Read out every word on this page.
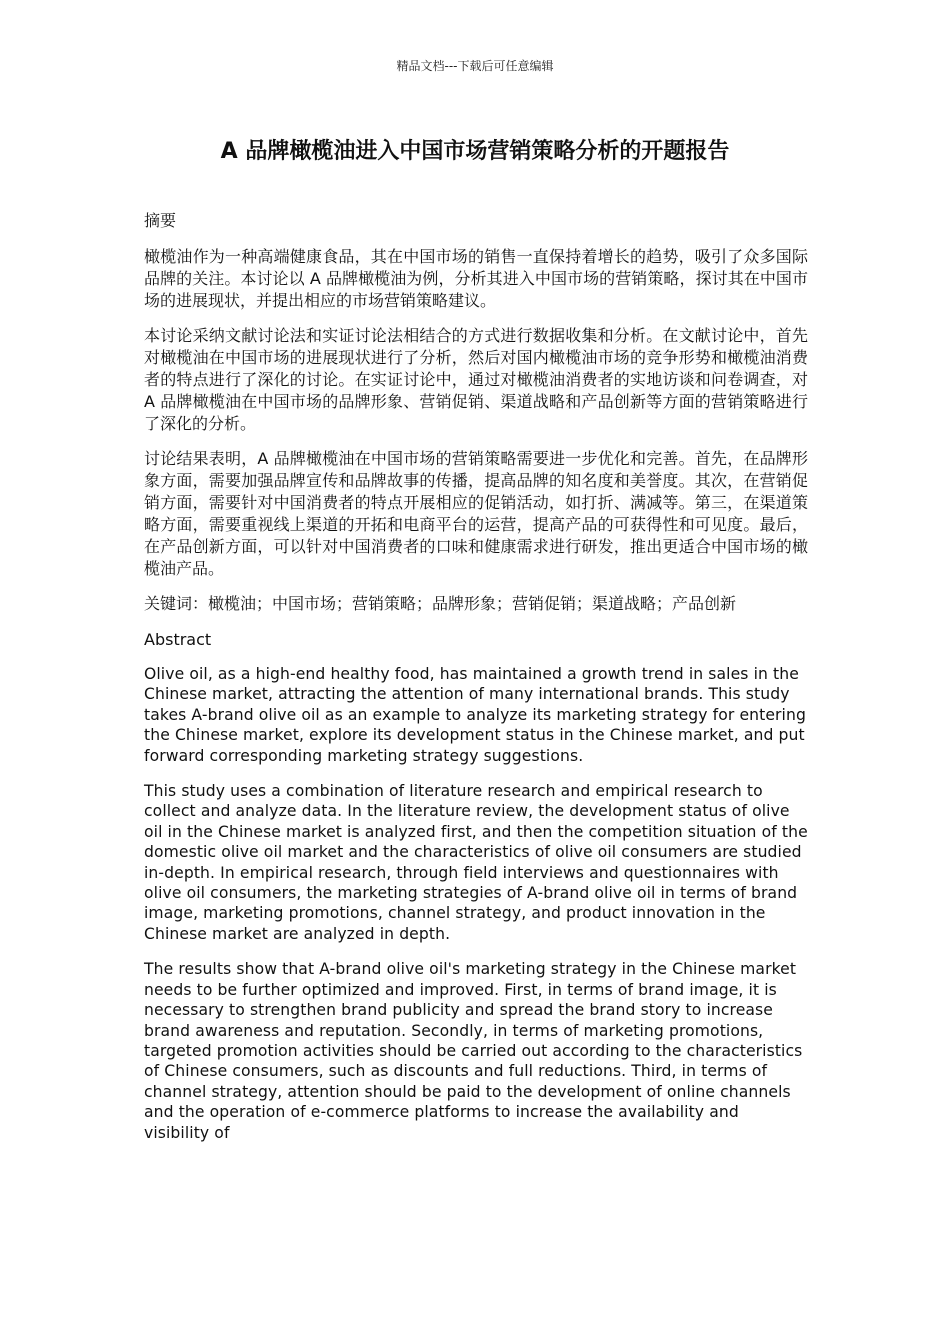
精品文档---下载后可任意编辑
A 品牌橄榄油进入中国市场营销策略分析的开题报告
摘要

橄榄油作为一种高端健康食品，其在中国市场的销售一直保持着增长的趋势，吸引了众多国际品牌的关注。本讨论以 A 品牌橄榄油为例，分析其进入中国市场的营销策略，探讨其在中国市场的进展现状，并提出相应的市场营销策略建议。

本讨论采纳文献讨论法和实证讨论法相结合的方式进行数据收集和分析。在文献讨论中，首先对橄榄油在中国市场的进展现状进行了分析，然后对国内橄榄油市场的竞争形势和橄榄油消费者的特点进行了深化的讨论。在实证讨论中，通过对橄榄油消费者的实地访谈和问卷调查，对 A 品牌橄榄油在中国市场的品牌形象、营销促销、渠道战略和产品创新等方面的营销策略进行了深化的分析。

讨论结果表明，A 品牌橄榄油在中国市场的营销策略需要进一步优化和完善。首先，在品牌形象方面，需要加强品牌宣传和品牌故事的传播，提高品牌的知名度和美誉度。其次，在营销促销方面，需要针对中国消费者的特点开展相应的促销活动，如打折、满减等。第三，在渠道策略方面，需要重视线上渠道的开拓和电商平台的运营，提高产品的可获得性和可见度。最后，在产品创新方面，可以针对中国消费者的口味和健康需求进行研发，推出更适合中国市场的橄榄油产品。

关键词：橄榄油；中国市场；营销策略；品牌形象；营销促销；渠道战略；产品创新

Abstract

Olive oil, as a high-end healthy food, has maintained a growth trend in sales in the Chinese market, attracting the attention of many international brands. This study takes A-brand olive oil as an example to analyze its marketing strategy for entering the Chinese market, explore its development status in the Chinese market, and put forward corresponding marketing strategy suggestions.

This study uses a combination of literature research and empirical research to collect and analyze data. In the literature review, the development status of olive oil in the Chinese market is analyzed first, and then the competition situation of the domestic olive oil market and the characteristics of olive oil consumers are studied in-depth. In empirical research, through field interviews and questionnaires with olive oil consumers, the marketing strategies of A-brand olive oil in terms of brand image, marketing promotions, channel strategy, and product innovation in the Chinese market are analyzed in depth.

The results show that A-brand olive oil's marketing strategy in the Chinese market needs to be further optimized and improved. First, in terms of brand image, it is necessary to strengthen brand publicity and spread the brand story to increase brand awareness and reputation. Secondly, in terms of marketing promotions, targeted promotion activities should be carried out according to the characteristics of Chinese consumers, such as discounts and full reductions. Third, in terms of channel strategy, attention should be paid to the development of online channels and the operation of e-commerce platforms to increase the availability and visibility of
